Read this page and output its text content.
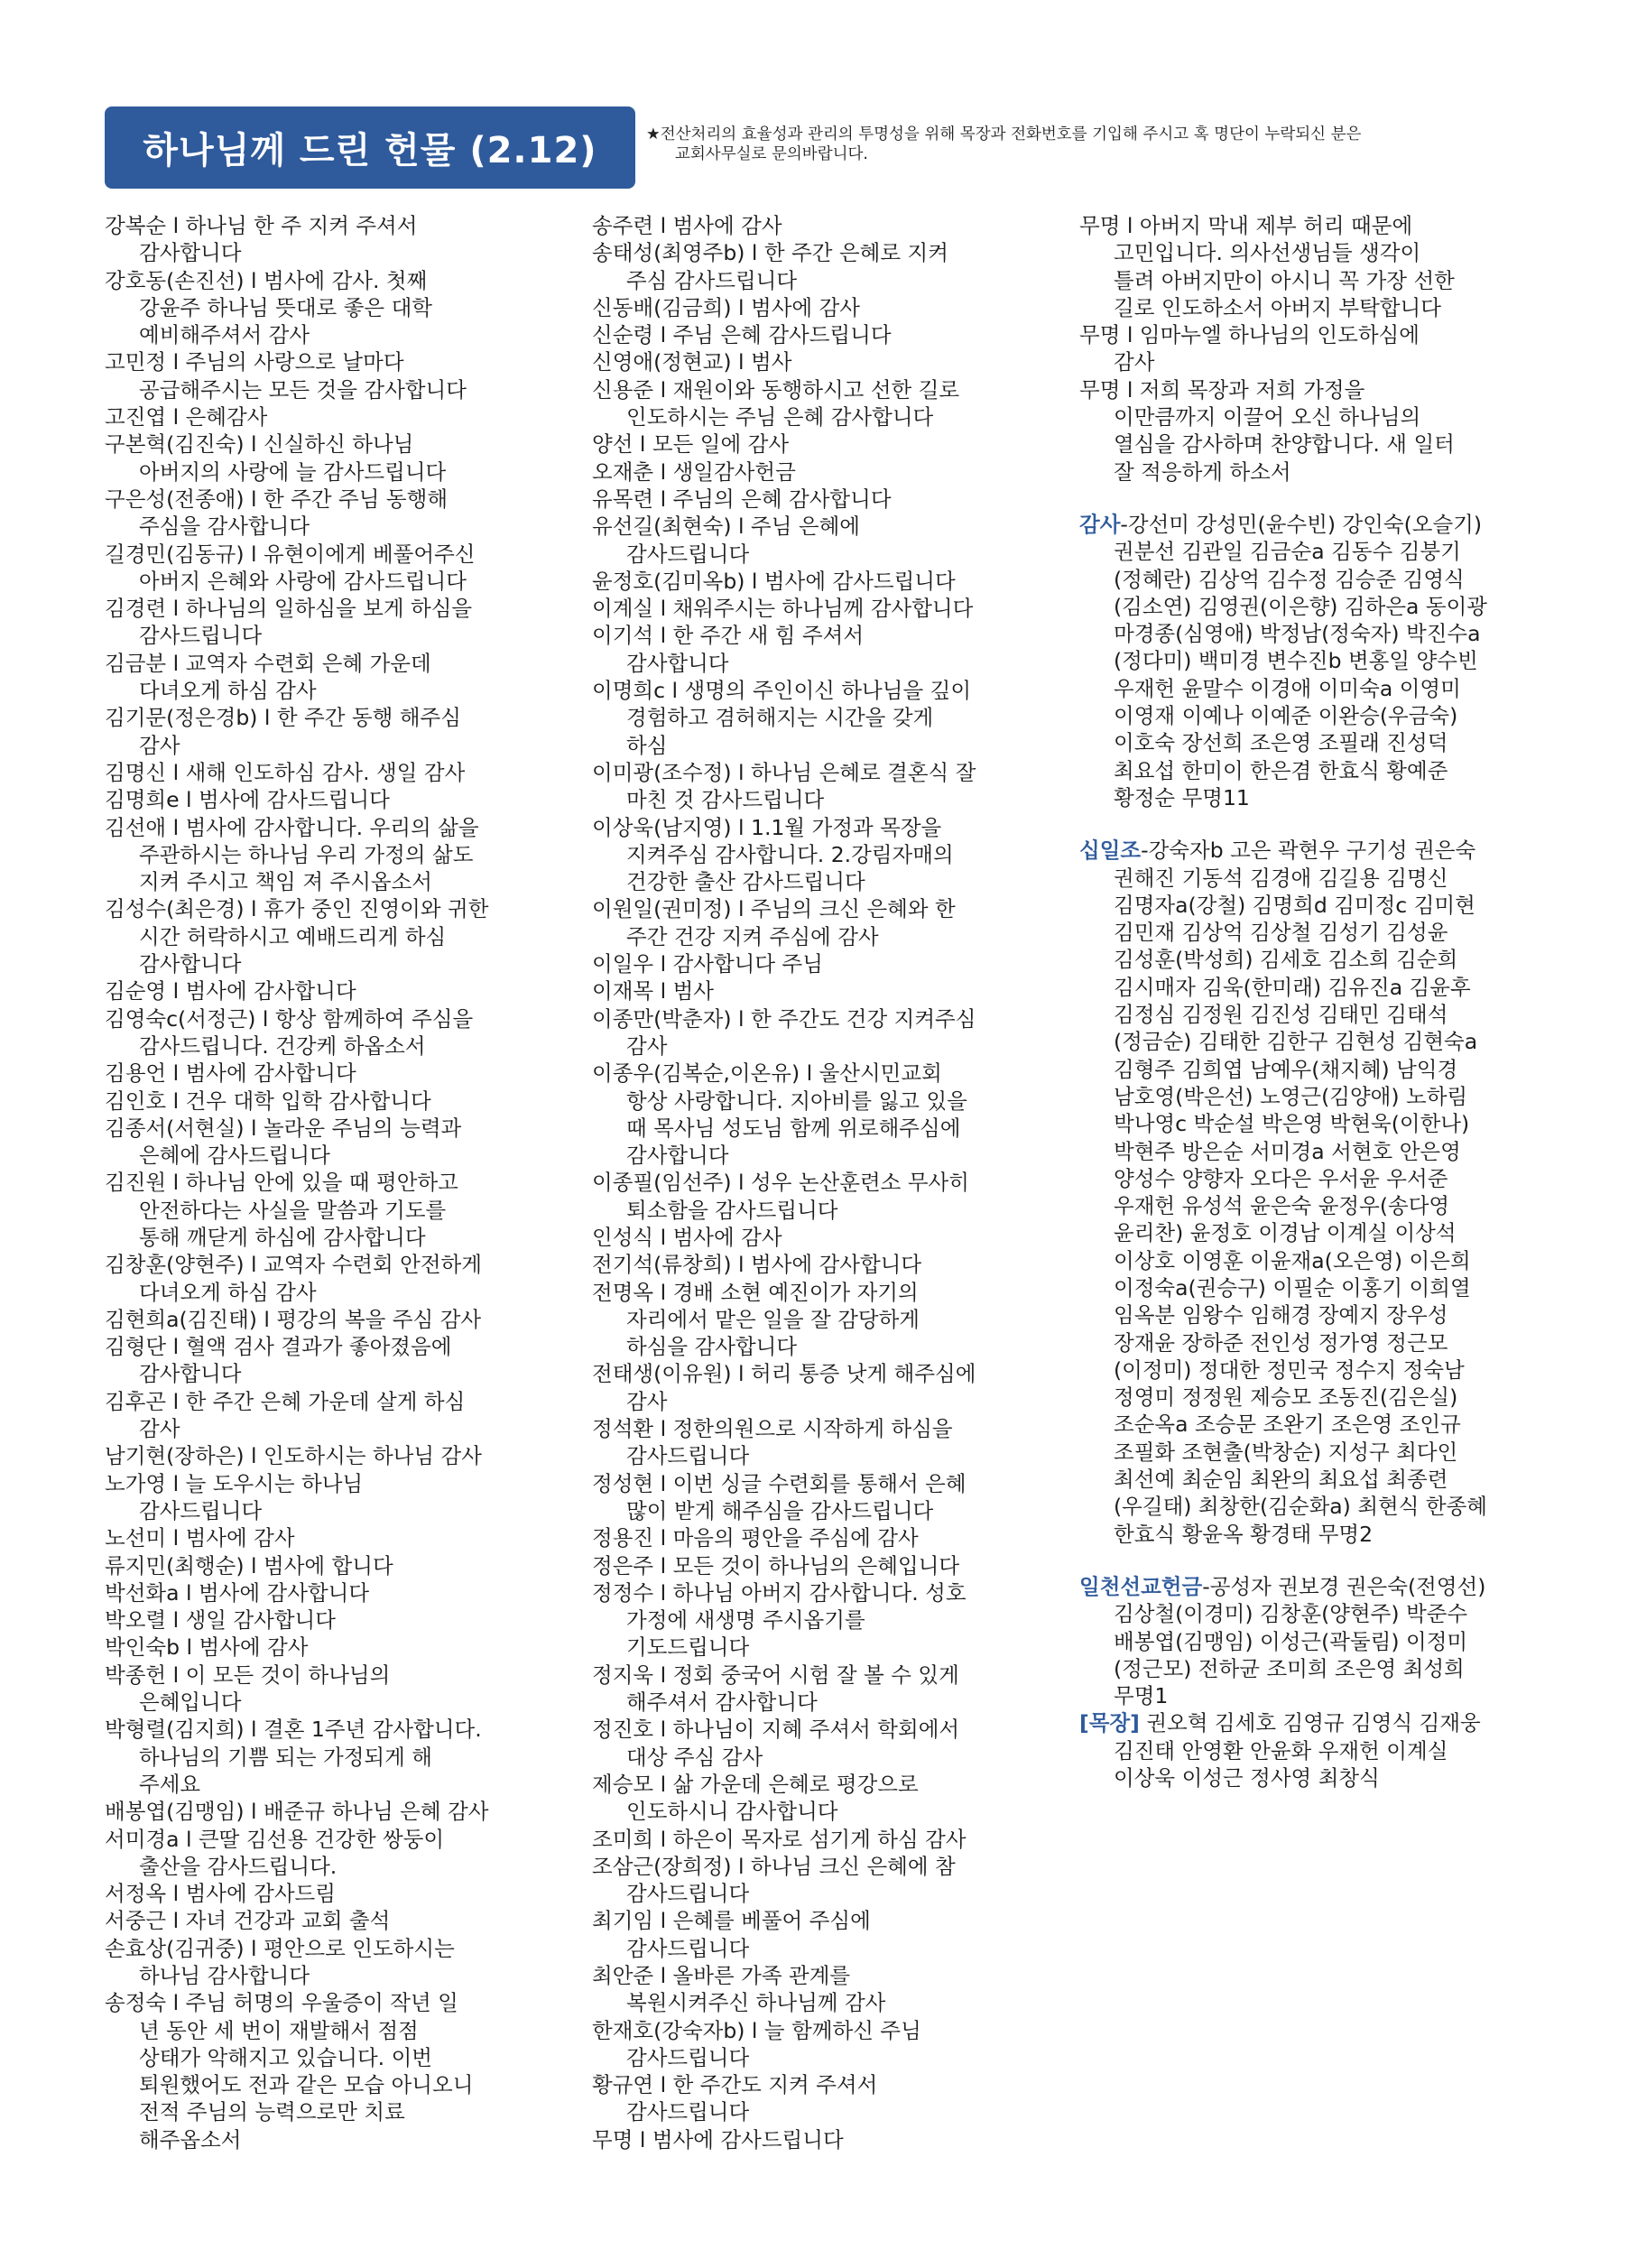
하나님께 드린 헌물 (2.12)	★전산처리의 효율성과 관리의 투명성을 위해 목장과 전화번호를 기입해 주시고 혹 명단이 누락되신 분은
교회사무실로 문의바랍니다.

강복순 l 하나님 한 주 지켜 주셔서
감사합니다

강호동(손진선) l 범사에 감사. 첫째
강윤주 하나님 뜻대로 좋은 대학
예비해주셔서 감사

고민정 l 주님의 사랑으로 날마다
공급해주시는 모든 것을 감사합니다

고진엽 l 은혜감사

구본혁(김진숙) l 신실하신 하나님
아버지의 사랑에 늘 감사드립니다

구은성(전종애) l 한 주간 주님 동행해
주심을 감사합니다

길경민(김동규) l 유현이에게 베풀어주신
아버지 은혜와 사랑에 감사드립니다

김경련 l 하나님의 일하심을 보게 하심을
감사드립니다

김금분 l 교역자 수련회 은혜 가운데
다녀오게 하심 감사

김기문(정은경b) l 한 주간 동행 해주심
감사

김명신 l 새해 인도하심 감사. 생일 감사

김명희e l 범사에 감사드립니다

김선애 l 범사에 감사합니다. 우리의 삶을
주관하시는 하나님 우리 가정의 삶도
지켜 주시고 책임 져 주시옵소서

김성수(최은경) l 휴가 중인 진영이와 귀한
시간 허락하시고 예배드리게 하심
감사합니다

김순영 l 범사에 감사합니다

김영숙c(서정근) l 항상 함께하여 주심을
감사드립니다. 건강케 하옵소서

김용언 l 범사에 감사합니다

김인호 l 건우 대학 입학 감사합니다

김종서(서현실) l 놀라운 주님의 능력과
은혜에 감사드립니다

김진원 l 하나님 안에 있을 때 평안하고
안전하다는 사실을 말씀과 기도를
통해 깨닫게 하심에 감사합니다

김창훈(양현주) l 교역자 수련회 안전하게
다녀오게 하심 감사

김현희a(김진태) l 평강의 복을 주심 감사

김형단 l 혈액 검사 결과가 좋아졌음에
감사합니다

김후곤 l 한 주간 은혜 가운데 살게 하심
감사

남기현(장하은) l 인도하시는 하나님 감사

노가영 l 늘 도우시는 하나님
감사드립니다

노선미 l 범사에 감사

류지민(최행순) l 범사에 합니다

박선화a l 범사에 감사합니다

박오렬 l 생일 감사합니다

박인숙b l 범사에 감사

박종헌 l 이 모든 것이 하나님의
은혜입니다

박형렬(김지희) l 결혼 1주년 감사합니다.
하나님의 기쁨 되는 가정되게 해
주세요

배봉엽(김맹임) l 배준규 하나님 은혜 감사

서미경a l 큰딸 김선용 건강한 쌍둥이
출산을 감사드립니다.

서정옥 l 범사에 감사드림

서중근 l 자녀 건강과 교회 출석

손효상(김귀중) l 평안으로 인도하시는
하나님 감사합니다

송정숙 l 주님 허명의 우울증이 작년 일
년 동안 세 번이 재발해서 점점
상태가 악해지고 있습니다. 이번
퇴원했어도 전과 같은 모습 아니오니
전적 주님의 능력으로만 치료
해주옵소서

송주련 l 범사에 감사

송태성(최영주b) l 한 주간 은혜로 지켜
주심 감사드립니다

신동배(김금희) l 범사에 감사

신순령 l 주님 은혜 감사드립니다

신영애(정현교) l 범사

신용준 l 재원이와 동행하시고 선한 길로
인도하시는 주님 은혜 감사합니다

양선 l 모든 일에 감사

오재춘 l 생일감사헌금

유목련 l 주님의 은혜 감사합니다

유선길(최현숙) l 주님 은혜에
감사드립니다

윤정호(김미옥b) l 범사에 감사드립니다

이계실 l 채워주시는 하나님께 감사합니다

이기석 l 한 주간 새 힘 주셔서
감사합니다

이명희c l 생명의 주인이신 하나님을 깊이
경험하고 겸허해지는 시간을 갖게
하심

이미광(조수정) l 하나님 은혜로 결혼식 잘
마친 것 감사드립니다

이상욱(남지영) l 1.1월 가정과 목장을
지켜주심 감사합니다. 2.강림자매의
건강한 출산 감사드립니다

이원일(권미정) l 주님의 크신 은혜와 한
주간 건강 지켜 주심에 감사

이일우 l 감사합니다 주님

이재목 l 범사

이종만(박춘자) l 한 주간도 건강 지켜주심
감사

이종우(김복순,이온유) l 울산시민교회
항상 사랑합니다. 지아비를 잃고 있을
때 목사님 성도님 함께 위로해주심에
감사합니다

이종필(임선주) l 성우 논산훈련소 무사히
퇴소함을 감사드립니다

인성식 l 범사에 감사

전기석(류창희) l 범사에 감사합니다

전명옥 l 경배 소현 예진이가 자기의
자리에서 맡은 일을 잘 감당하게
하심을 감사합니다

전태생(이유원) l 허리 통증 낫게 해주심에
감사

정석환 l 정한의원으로 시작하게 하심을
감사드립니다

정성현 l 이번 싱글 수련회를 통해서 은혜
많이 받게 해주심을 감사드립니다

정용진 l 마음의 평안을 주심에 감사

정은주 l 모든 것이 하나님의 은혜입니다

정정수 l 하나님 아버지 감사합니다. 성호
가정에 새생명 주시옵기를
기도드립니다

정지욱 l 정회 중국어 시험 잘 볼 수 있게
해주셔서 감사합니다

정진호 l 하나님이 지혜 주셔서 학회에서
대상 주심 감사

제승모 l 삶 가운데 은혜로 평강으로
인도하시니 감사합니다

조미희 l 하은이 목자로 섬기게 하심 감사

조삼근(장희정) l 하나님 크신 은혜에 참
감사드립니다

최기임 l 은혜를 베풀어 주심에
감사드립니다

최안준 l 올바른 가족 관계를
복원시켜주신 하나님께 감사

한재호(강숙자b) l 늘 함께하신 주님
감사드립니다

황규연 l 한 주간도 지켜 주셔서
감사드립니다

무명 l 범사에 감사드립니다

무명 l 아버지 막내 제부 허리 때문에
고민입니다. 의사선생님들 생각이
틀려 아버지만이 아시니 꼭 가장 선한
길로 인도하소서 아버지 부탁합니다

무명 l 임마누엘 하나님의 인도하심에
감사

무명 l 저희 목장과 저희 가정을
이만큼까지 이끌어 오신 하나님의
열심을 감사하며 찬양합니다. 새 일터
잘 적응하게 하소서

감사-강선미 강성민(윤수빈) 강인숙(오슬기)
권분선 김관일 김금순a 김동수 김붕기
(정혜란) 김상억 김수정 김승준 김영식
(김소연) 김영권(이은향) 김하은a 동이광
마경종(심영애) 박정남(정숙자) 박진수a
(정다미) 백미경 변수진b 변홍일 양수빈
우재헌 윤말수 이경애 이미숙a 이영미
이영재 이예나 이예준 이완승(우금숙)
이호숙 장선희 조은영 조필래 진성덕
최요섭 한미이 한은겸 한효식 황예준
황정순 무명11

십일조-강숙자b 고은 곽현우 구기성 권은숙
권해진 기동석 김경애 김길용 김명신
김명자a(강철) 김명희d 김미정c 김미현
김민재 김상억 김상철 김성기 김성윤
김성훈(박성희) 김세호 김소희 김순희
김시매자 김욱(한미래) 김유진a 김윤후
김정심 김정원 김진성 김태민 김태석
(정금순) 김태한 김한구 김현성 김현숙a
김형주 김희엽 남예우(채지혜) 남익경
남호영(박은선) 노영근(김양애) 노하림
박나영c 박순설 박은영 박현욱(이한나)
박현주 방은순 서미경a 서현호 안은영
양성수 양향자 오다은 우서윤 우서준
우재헌 유성석 윤은숙 윤정우(송다영
윤리찬) 윤정호 이경남 이계실 이상석
이상호 이영훈 이윤재a(오은영) 이은희
이정숙a(권승구) 이필순 이홍기 이희열
임옥분 임왕수 임해경 장예지 장우성
장재윤 장하준 전인성 정가영 정근모
(이정미) 정대한 정민국 정수지 정숙남
정영미 정정원 제승모 조동진(김은실)
조순옥a 조승문 조완기 조은영 조인규
조필화 조현출(박창순) 지성구 최다인
최선예 최순임 최완의 최요섭 최종련
(우길태) 최창한(김순화a) 최현식 한종혜
한효식 황윤옥 황경태 무명2

일천선교헌금-공성자 권보경 권은숙(전영선)
김상철(이경미) 김창훈(양현주) 박준수
배봉엽(김맹임) 이성근(곽둘림) 이정미
(정근모) 전하균 조미희 조은영 최성희
무명1

[목장] 권오혁 김세호 김영규 김영식 김재웅
김진태 안영환 안윤화 우재헌 이계실
이상욱 이성근 정사영 최창식
